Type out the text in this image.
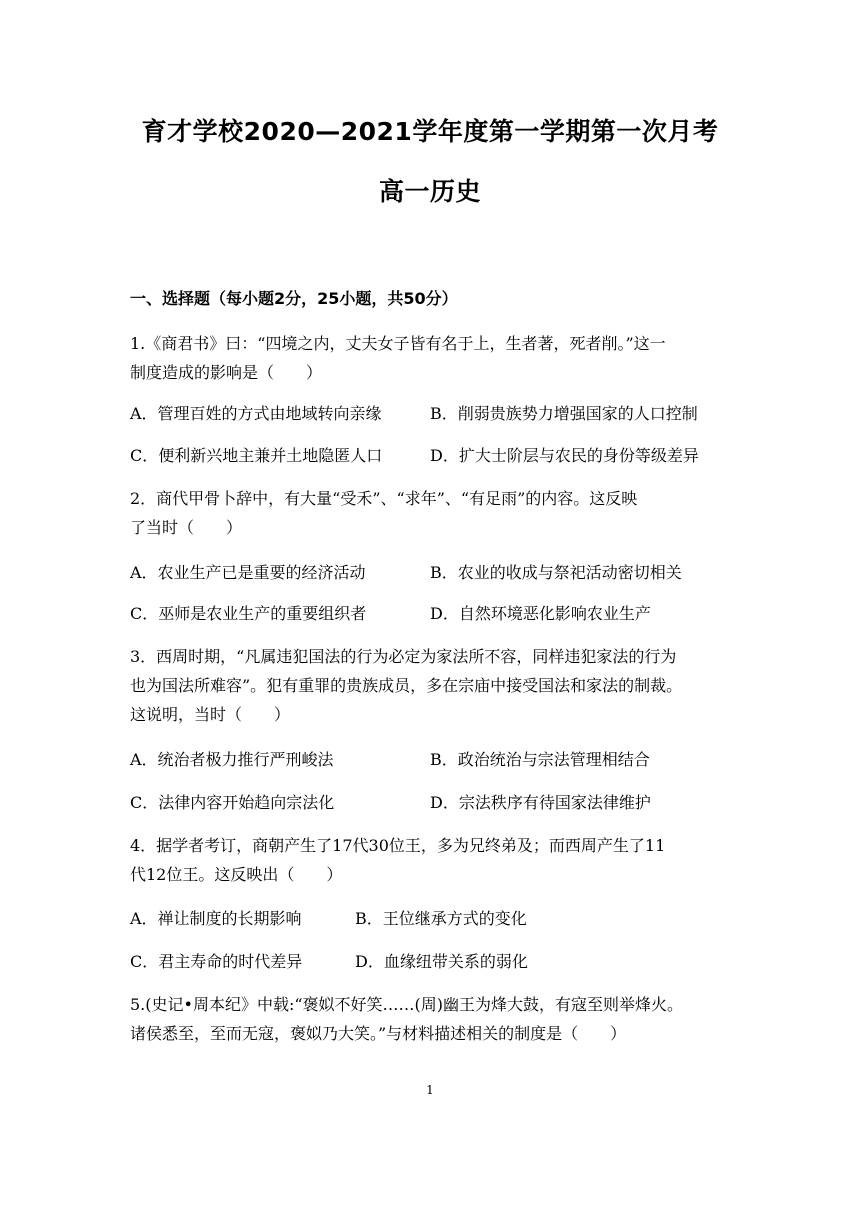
育才学校2020—2021学年度第一学期第一次月考
高一历史
一、选择题（每小题2分，25小题，共50分）
1.《商君书》曰：“四境之内，丈夫女子皆有名于上，生者著，死者削。”这一
制度造成的影响是（　　）
A．管理百姓的方式由地域转向亲缘	B．削弱贵族势力增强国家的人口控制
C．便利新兴地主兼并土地隐匿人口	D．扩大士阶层与农民的身份等级差异
2．商代甲骨卜辞中，有大量“受禾”、“求年”、“有足雨”的内容。这反映
了当时（　　）
A．农业生产已是重要的经济活动	B．农业的收成与祭祀活动密切相关
C．巫师是农业生产的重要组织者	D．自然环境恶化影响农业生产
3．西周时期，“凡属违犯国法的行为必定为家法所不容，同样违犯家法的行为
也为国法所难容”。犯有重罪的贵族成员，多在宗庙中接受国法和家法的制裁。
这说明，当时（　　）
A．统治者极力推行严刑峻法	B．政治统治与宗法管理相结合
C．法律内容开始趋向宗法化	D．宗法秩序有待国家法律维护
4．据学者考订，商朝产生了17代30位王，多为兄终弟及；而西周产生了11
代12位王。这反映出（　　）
A．禅让制度的长期影响	B．王位继承方式的变化
C．君主寿命的时代差异	D．血缘纽带关系的弱化
5.(史记•周本纪》中载:“褒姒不好笑……(周)幽王为烽大鼓，有寇至则举烽火。
诸侯悉至，至而无寇，褒姒乃大笑。”与材料描述相关的制度是（　　）
1
